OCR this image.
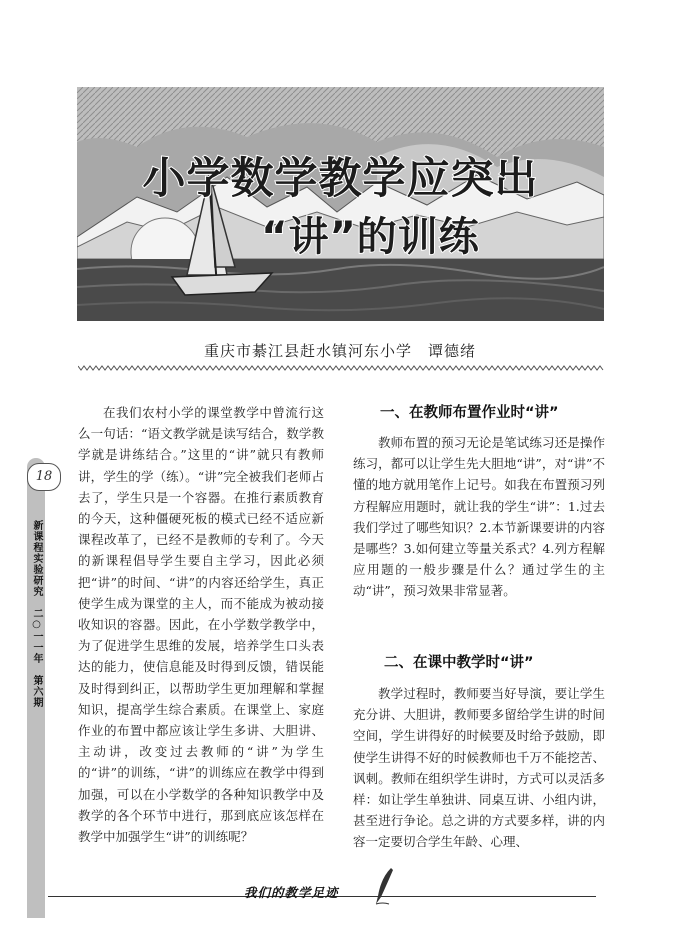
小学数学教学应突出
“讲”的训练
重庆市綦江县赶水镇河东小学　谭德绪
18
新课程实验研究　二○一一年　第六期

在我们农村小学的课堂教学中曾流行这么一句话：“语文教学就是读写结合，数学教学就是讲练结合。”这里的“讲”就只有教师讲，学生的学（练）。“讲”完全被我们老师占去了，学生只是一个容器。在推行素质教育的今天，这种僵硬死板的模式已经不适应新课程改革了，已经不是教师的专利了。今天的新课程倡导学生要自主学习，因此必须把“讲”的时间、“讲”的内容还给学生，真正使学生成为课堂的主人，而不能成为被动接收知识的容器。因此，在小学数学教学中，为了促进学生思维的发展，培养学生口头表达的能力，使信息能及时得到反馈，错误能及时得到纠正，以帮助学生更加理解和掌握知识，提高学生综合素质。在课堂上、家庭作业的布置中都应该让学生多讲、大胆讲、主动讲，改变过去教师的“讲”为学生的“讲”的训练，“讲”的训练应在教学中得到加强，可以在小学数学的各种知识教学中及教学的各个环节中进行，那到底应该怎样在教学中加强学生“讲”的训练呢？

一、在教师布置作业时“讲”

教师布置的预习无论是笔试练习还是操作练习，都可以让学生先大胆地“讲”，对“讲”不懂的地方就用笔作上记号。如我在布置预习列方程解应用题时，就让我的学生“讲”：1.过去我们学过了哪些知识？2.本节新课要讲的内容是哪些？3.如何建立等量关系式？4.列方程解应用题的一般步骤是什么？通过学生的主动“讲”，预习效果非常显著。

二、在课中教学时“讲”

教学过程时，教师要当好导演，要让学生充分讲、大胆讲，教师要多留给学生讲的时间空间，学生讲得好的时候要及时给予鼓励，即使学生讲得不好的时候教师也千万不能挖苦、讽刺。教师在组织学生讲时，方式可以灵活多样：如让学生单独讲、同桌互讲、小组内讲，甚至进行争论。总之讲的方式要多样，讲的内容一定要切合学生年龄、心理、

我们的教学足迹
